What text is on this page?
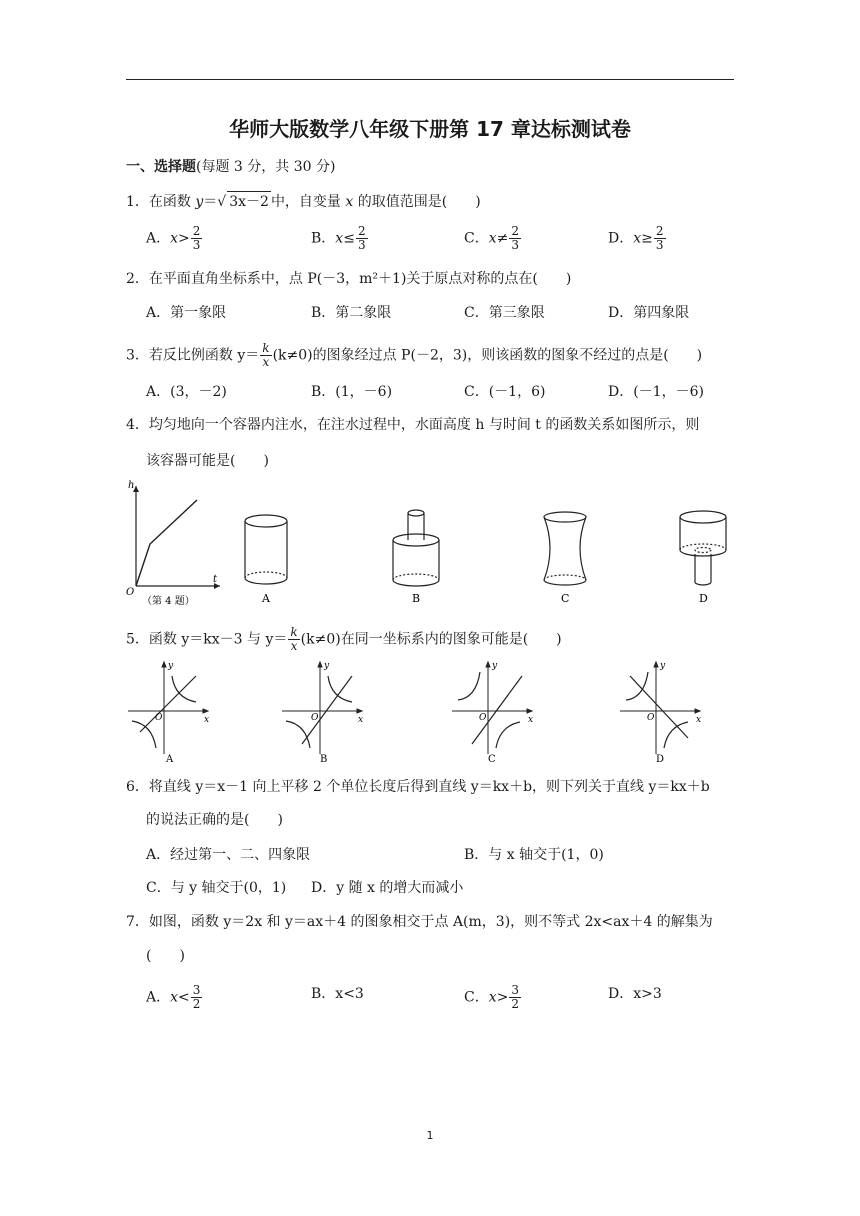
华师大版数学八年级下册第 17 章达标测试卷
一、选择题(每题 3 分，共 30 分)
1．在函数 y＝√ 3x－2 中，自变量 x 的取值范围是(　　)
A．$x> \frac{2}{3}$	B．$x\le \frac{2}{3}$	C．$x\ne \frac{2}{3}$	D．$x\ge \frac{2}{3}$
2．在平面直角坐标系中，点 P(－3，m²＋1)关于原点对称的点在(　　)
A．第一象限	B．第二象限	C．第三象限	D．第四象限
3．若反比例函数 $y= \frac{k}{x} (k\ne 0)$的图象经过点 P(－2，3)，则该函数的图象不经过的点是(　　)
A．(3，－2)	B．(1，－6)	C．(－1，6)	D．(－1，－6)
4．均匀地向一个容器内注水，在注水过程中，水面高度 h 与时间 t 的函数关系如图所示，则
该容器可能是(　　)
h
t
O
（第 4 题）	A	B	C	D
5．函数 y＝kx－3 与 $y= \frac{k}{x} (k\ne 0)$在同一坐标系内的图象可能是(　　)
y
x
O
y
x
O
y
x
O
y
x
O
A	B	C	D
6．将直线 y＝x－1 向上平移 2 个单位长度后得到直线 y＝kx＋b，则下列关于直线 y＝kx＋b
的说法正确的是(　　)
A．经过第一、二、四象限	B．与 x 轴交于(1，0)
C．与 y 轴交于(0，1) D．y 随 x 的增大而减小
7．如图，函数 y＝2x 和 y＝ax＋4 的图象相交于点 A(m，3)，则不等式 2x<ax＋4 的解集为
(　　)
A．$x< \frac{3}{2}$	B．x<3	C．$x> \frac{3}{2}$	D．x>3
1
